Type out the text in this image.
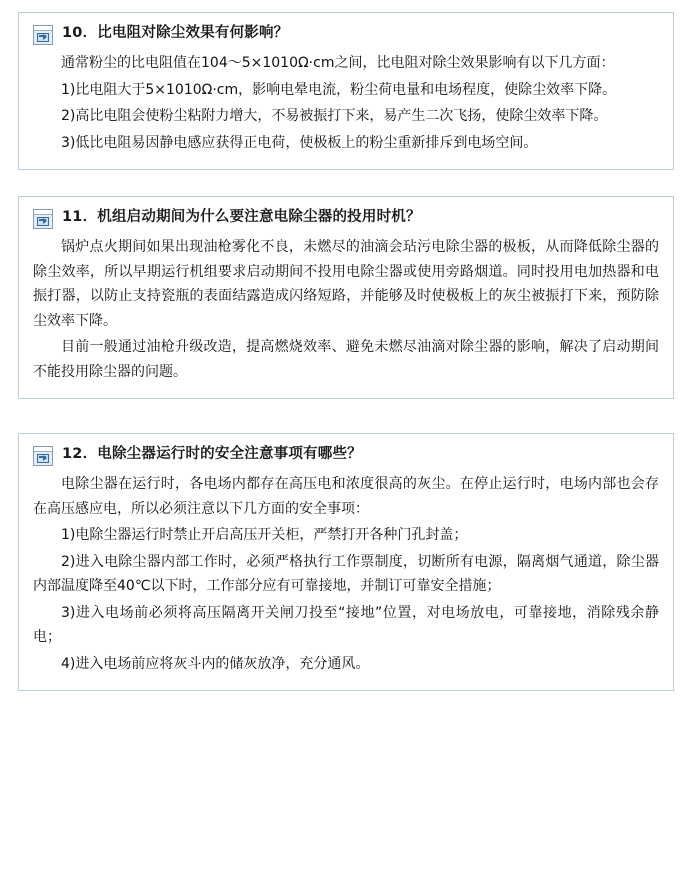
10．比电阻对除尘效果有何影响？

通常粉尘的比电阻值在104～5×1010Ω·cm之间，比电阻对除尘效果影响有以下几方面：

1)比电阻大于5×1010Ω·cm，影响电晕电流，粉尘荷电量和电场程度，使除尘效率下降。

2)高比电阻会使粉尘粘附力增大，不易被振打下来，易产生二次飞扬，使除尘效率下降。

3)低比电阻易因静电感应获得正电荷，使极板上的粉尘重新排斥到电场空间。

11．机组启动期间为什么要注意电除尘器的投用时机？

锅炉点火期间如果出现油枪雾化不良，未燃尽的油滴会玷污电除尘器的极板，从而降低除尘器的除尘效率，所以早期运行机组要求启动期间不投用电除尘器或使用旁路烟道。同时投用电加热器和电振打器，以防止支持瓷瓶的表面结露造成闪络短路，并能够及时使极板上的灰尘被振打下来，预防除尘效率下降。

目前一般通过油枪升级改造，提高燃烧效率、避免未燃尽油滴对除尘器的影响，解决了启动期间不能投用除尘器的问题。

12．电除尘器运行时的安全注意事项有哪些？

电除尘器在运行时，各电场内都存在高压电和浓度很高的灰尘。在停止运行时，电场内部也会存在高压感应电，所以必须注意以下几方面的安全事项：

1)电除尘器运行时禁止开启高压开关柜，严禁打开各种门孔封盖；

2)进入电除尘器内部工作时，必须严格执行工作票制度，切断所有电源，隔离烟气通道，除尘器内部温度降至40℃以下时，工作部分应有可靠接地，并制订可靠安全措施；

3)进入电场前必须将高压隔离开关闸刀投至“接地”位置，对电场放电，可靠接地，消除残余静电；

4)进入电场前应将灰斗内的储灰放净，充分通风。
